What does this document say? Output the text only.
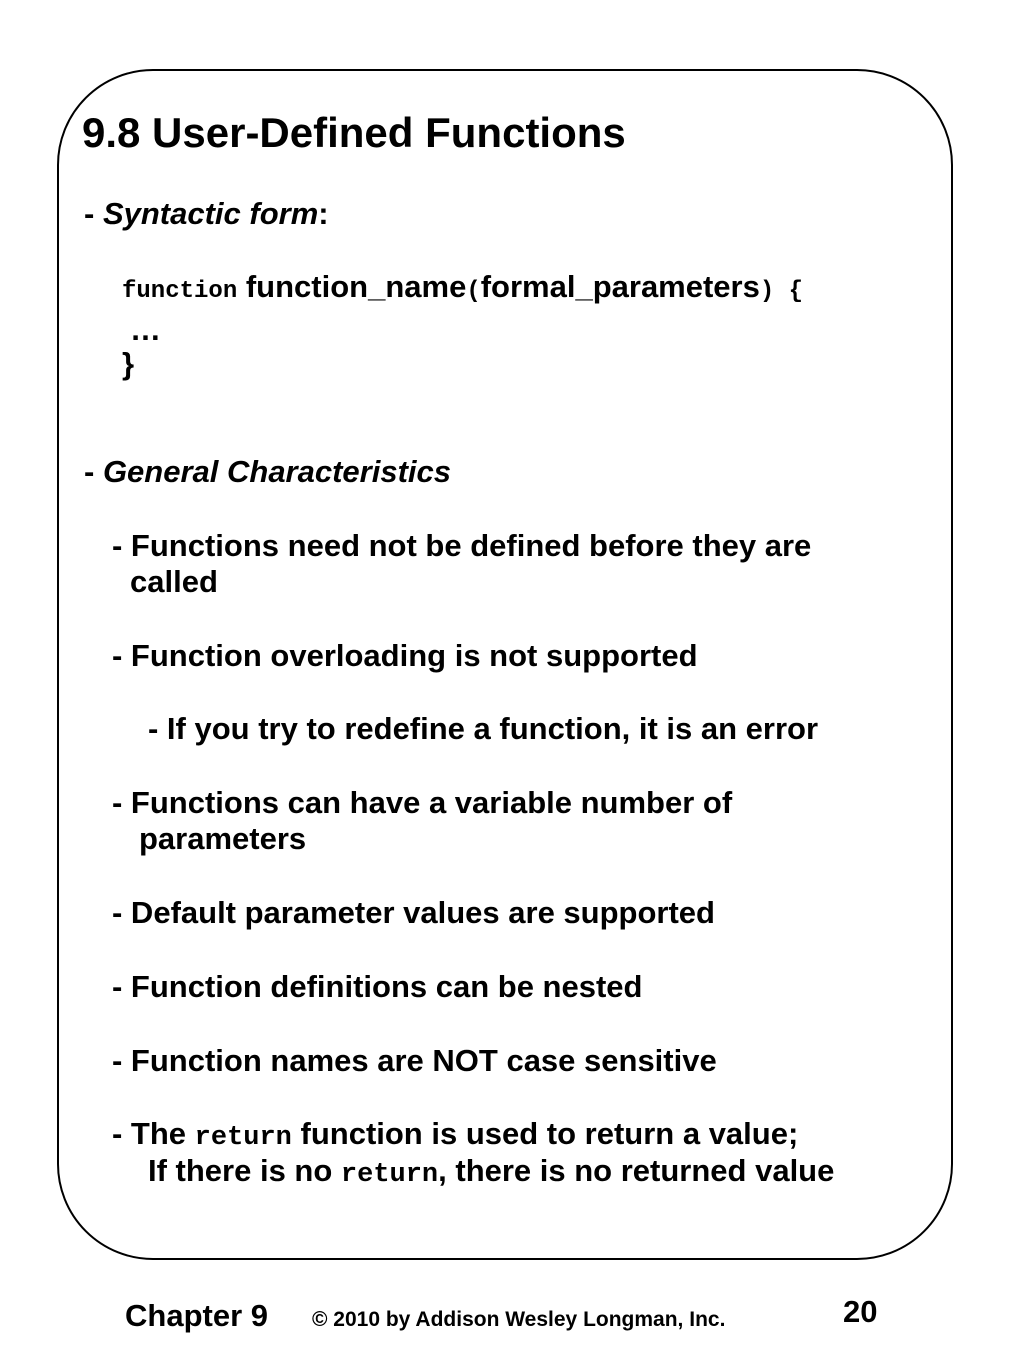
9.8 User-Defined Functions
- Syntactic form:
function function_name(formal_parameters) {
…
}
- General Characteristics
- Functions need not be defined before they are
called
- Function overloading is not supported
- If you try to redefine a function, it is an error
- Functions can have a variable number of
parameters
- Default parameter values are supported
- Function definitions can be nested
- Function names are NOT case sensitive
- The return function is used to return a value;
If there is no return, there is no returned value
Chapter 9 © 2010 by Addison Wesley Longman, Inc.	20
